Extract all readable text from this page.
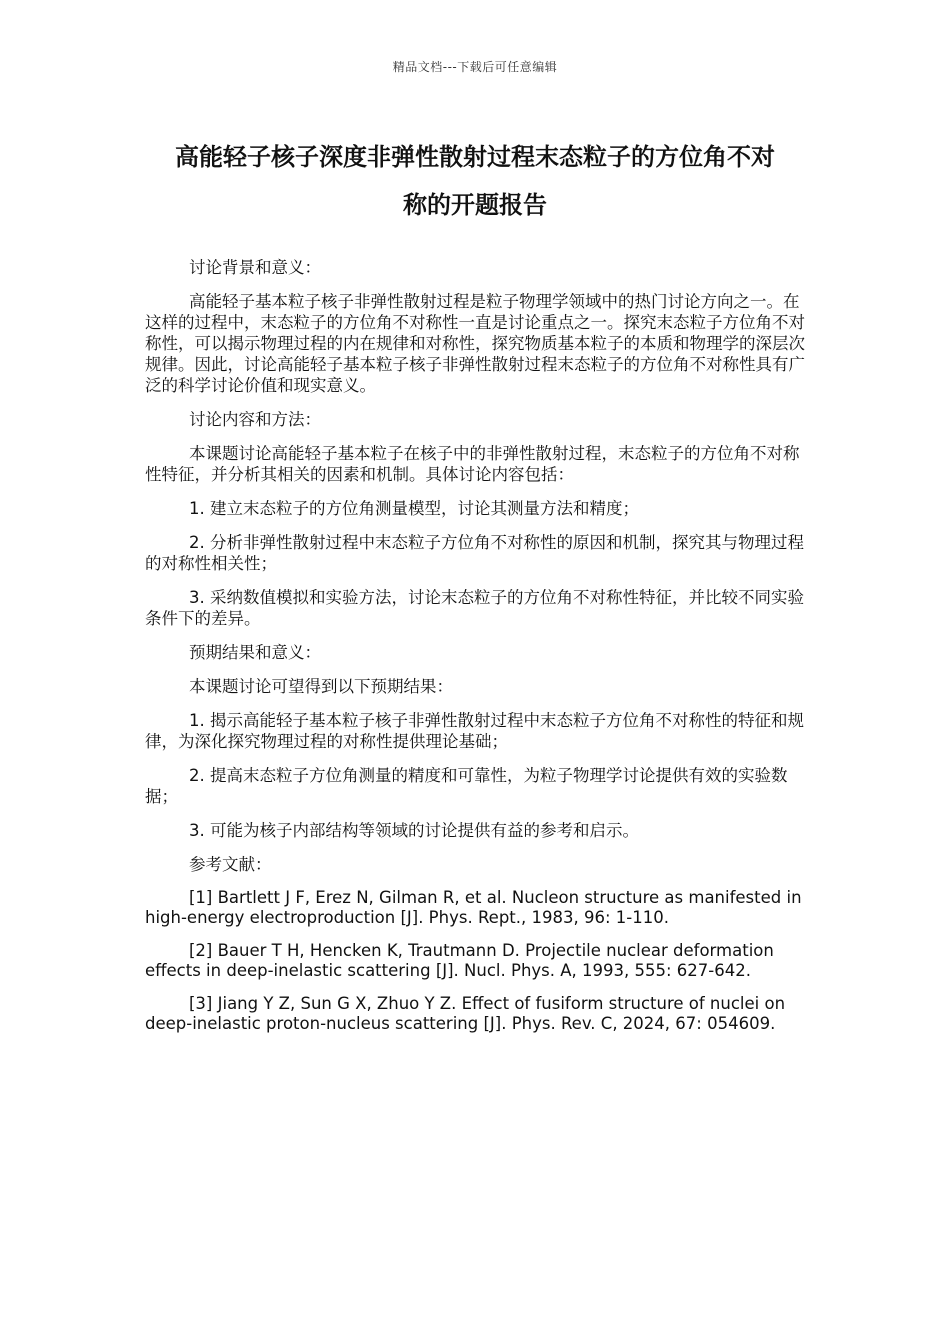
精品文档---下载后可任意编辑
高能轻子核子深度非弹性散射过程末态粒子的方位角不对
称的开题报告

讨论背景和意义：

高能轻子基本粒子核子非弹性散射过程是粒子物理学领域中的热门讨论方向之一。在这样的过程中，末态粒子的方位角不对称性一直是讨论重点之一。探究末态粒子方位角不对称性，可以揭示物理过程的内在规律和对称性，探究物质基本粒子的本质和物理学的深层次规律。因此，讨论高能轻子基本粒子核子非弹性散射过程末态粒子的方位角不对称性具有广泛的科学讨论价值和现实意义。

讨论内容和方法：

本课题讨论高能轻子基本粒子在核子中的非弹性散射过程，末态粒子的方位角不对称性特征，并分析其相关的因素和机制。具体讨论内容包括：

1. 建立末态粒子的方位角测量模型，讨论其测量方法和精度；

2. 分析非弹性散射过程中末态粒子方位角不对称性的原因和机制，探究其与物理过程的对称性相关性；

3. 采纳数值模拟和实验方法，讨论末态粒子的方位角不对称性特征，并比较不同实验条件下的差异。

预期结果和意义：

本课题讨论可望得到以下预期结果：

1. 揭示高能轻子基本粒子核子非弹性散射过程中末态粒子方位角不对称性的特征和规律，为深化探究物理过程的对称性提供理论基础；

2. 提高末态粒子方位角测量的精度和可靠性，为粒子物理学讨论提供有效的实验数据；

3. 可能为核子内部结构等领域的讨论提供有益的参考和启示。

参考文献：

[1] Bartlett J F, Erez N, Gilman R, et al. Nucleon structure as manifested in high-energy electroproduction [J]. Phys. Rept., 1983, 96: 1-110.

[2] Bauer T H, Hencken K, Trautmann D. Projectile nuclear deformation effects in deep-inelastic scattering [J]. Nucl. Phys. A, 1993, 555: 627-642.

[3] Jiang Y Z, Sun G X, Zhuo Y Z. Effect of fusiform structure of nuclei on deep-inelastic proton-nucleus scattering [J]. Phys. Rev. C, 2024, 67: 054609.
